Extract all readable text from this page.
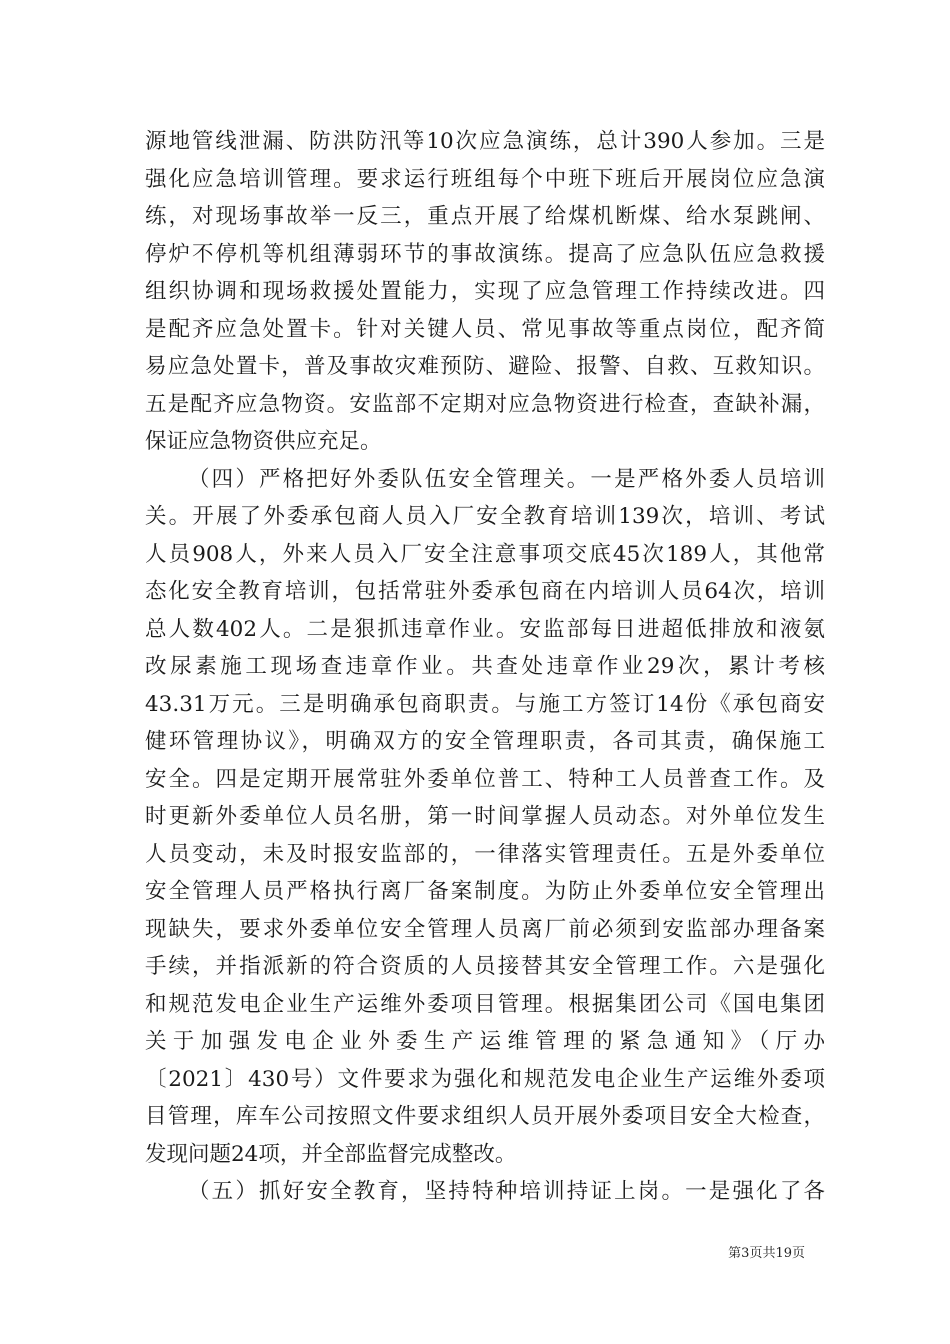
源地管线泄漏、防洪防汛等10次应急演练，总计390人参加。三是
强化应急培训管理。要求运行班组每个中班下班后开展岗位应急演
练，对现场事故举一反三，重点开展了给煤机断煤、给水泵跳闸、
停炉不停机等机组薄弱环节的事故演练。提高了应急队伍应急救援
组织协调和现场救援处置能力，实现了应急管理工作持续改进。四
是配齐应急处置卡。针对关键人员、常见事故等重点岗位，配齐简
易应急处置卡，普及事故灾难预防、避险、报警、自救、互救知识。
五是配齐应急物资。安监部不定期对应急物资进行检查，查缺补漏，
保证应急物资供应充足。
（四）严格把好外委队伍安全管理关。一是严格外委人员培训
关。开展了外委承包商人员入厂安全教育培训139次，培训、考试
人员908人，外来人员入厂安全注意事项交底45次189人，其他常
态化安全教育培训，包括常驻外委承包商在内培训人员64次，培训
总人数402人。二是狠抓违章作业。安监部每日进超低排放和液氨
改尿素施工现场查违章作业。共查处违章作业29次，累计考核
43.31万元。三是明确承包商职责。与施工方签订14份《承包商安
健环管理协议》，明确双方的安全管理职责，各司其责，确保施工
安全。四是定期开展常驻外委单位普工、特种工人员普查工作。及
时更新外委单位人员名册，第一时间掌握人员动态。对外单位发生
人员变动，未及时报安监部的，一律落实管理责任。五是外委单位
安全管理人员严格执行离厂备案制度。为防止外委单位安全管理出
现缺失，要求外委单位安全管理人员离厂前必须到安监部办理备案
手续，并指派新的符合资质的人员接替其安全管理工作。六是强化
和规范发电企业生产运维外委项目管理。根据集团公司《国电集团
关于加强发电企业外委生产运维管理的紧急通知》（厅办
〔2021〕430号）文件要求为强化和规范发电企业生产运维外委项
目管理，库车公司按照文件要求组织人员开展外委项目安全大检查，
发现问题24项，并全部监督完成整改。
（五）抓好安全教育，坚持特种培训持证上岗。一是强化了各
第3页共19页
